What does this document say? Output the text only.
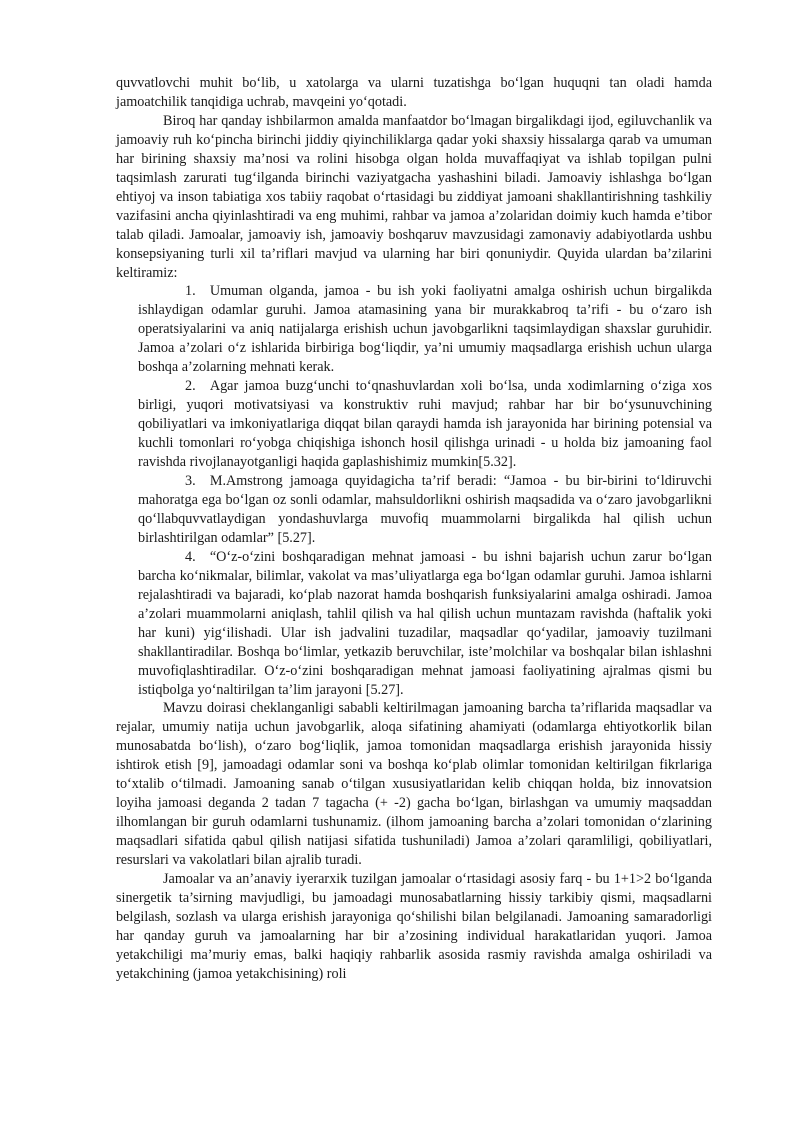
quvvatlovchi muhit bo‘lib, u xatolarga va ularni tuzatishga bo‘lgan huquqni tan oladi hamda jamoatchilik tanqidiga uchrab, mavqeini yo‘qotadi.

Biroq har qanday ishbilarmon amalda manfaatdor bo‘lmagan birgalikdagi ijod, egiluvchanlik va jamoaviy ruh ko‘pincha birinchi jiddiy qiyinchiliklarga qadar yoki shaxsiy hissalarga qarab va umuman har birining shaxsiy ma’nosi va rolini hisobga olgan holda muvaffaqiyat va ishlab topilgan pulni taqsimlash zarurati tug‘ilganda birinchi vaziyatgacha yashashini biladi. Jamoaviy ishlashga bo‘lgan ehtiyoj va inson tabiatiga xos tabiiy raqobat o‘rtasidagi bu ziddiyat jamoani shakllantirishning tashkiliy vazifasini ancha qiyinlashtiradi va eng muhimi, rahbar va jamoa a’zolaridan doimiy kuch hamda e’tibor talab qiladi. Jamoalar, jamoaviy ish, jamoaviy boshqaruv mavzusidagi zamonaviy adabiyotlarda ushbu konsepsiyaning turli xil ta’riflari mavjud va ularning har biri qonuniydir. Quyida ulardan ba’zilarini keltiramiz:

1. Umuman olganda, jamoa - bu ish yoki faoliyatni amalga oshirish uchun birgalikda ishlaydigan odamlar guruhi. Jamoa atamasining yana bir murakkabroq ta’rifi - bu o‘zaro ish operatsiyalarini va aniq natijalarga erishish uchun javobgarlikni taqsimlaydigan shaxslar guruhidir. Jamoa a’zolari o‘z ishlarida birbiriga bog‘liqdir, ya’ni umumiy maqsadlarga erishish uchun ularga boshqa a’zolarning mehnati kerak.

2. Agar jamoa buzg‘unchi to‘qnashuvlardan xoli bo‘lsa, unda xodimlarning o‘ziga xos birligi, yuqori motivatsiyasi va konstruktiv ruhi mavjud; rahbar har bir bo‘ysunuvchining qobiliyatlari va imkoniyatlariga diqqat bilan qaraydi hamda ish jarayonida har birining potensial va kuchli tomonlari ro‘yobga chiqishiga ishonch hosil qilishga urinadi - u holda biz jamoaning faol ravishda rivojlanayotganligi haqida gaplashishimiz mumkin[5.32].

3. M.Amstrong jamoaga quyidagicha ta’rif beradi: “Jamoa - bu bir-birini to‘ldiruvchi mahoratga ega bo‘lgan oz sonli odamlar, mahsuldorlikni oshirish maqsadida va o‘zaro javobgarlikni qo‘llabquvvatlaydigan yondashuvlarga muvofiq muammolarni birgalikda hal qilish uchun birlashtirilgan odamlar” [5.27].

4. “O‘z-o‘zini boshqaradigan mehnat jamoasi - bu ishni bajarish uchun zarur bo‘lgan barcha ko‘nikmalar, bilimlar, vakolat va mas’uliyatlarga ega bo‘lgan odamlar guruhi. Jamoa ishlarni rejalashtiradi va bajaradi, ko‘plab nazorat hamda boshqarish funksiyalarini amalga oshiradi. Jamoa a’zolari muammolarni aniqlash, tahlil qilish va hal qilish uchun muntazam ravishda (haftalik yoki har kuni) yig‘ilishadi. Ular ish jadvalini tuzadilar, maqsadlar qo‘yadilar, jamoaviy tuzilmani shakllantiradilar. Boshqa bo‘limlar, yetkazib beruvchilar, iste’molchilar va boshqalar bilan ishlashni muvofiqlashtiradilar. O‘z-o‘zini boshqaradigan mehnat jamoasi faoliyatining ajralmas qismi bu istiqbolga yo‘naltirilgan ta’lim jarayoni [5.27].

Mavzu doirasi cheklanganligi sababli keltirilmagan jamoaning barcha ta’riflarida maqsadlar va rejalar, umumiy natija uchun javobgarlik, aloqa sifatining ahamiyati (odamlarga ehtiyotkorlik bilan munosabatda bo‘lish), o‘zaro bog‘liqlik, jamoa tomonidan maqsadlarga erishish jarayonida hissiy ishtirok etish [9], jamoadagi odamlar soni va boshqa ko‘plab olimlar tomonidan keltirilgan fikrlariga to‘xtalib o‘tilmadi. Jamoaning sanab o‘tilgan xususiyatlaridan kelib chiqqan holda, biz innovatsion loyiha jamoasi deganda 2 tadan 7 tagacha (+ -2) gacha bo‘lgan, birlashgan va umumiy maqsaddan ilhomlangan bir guruh odamlarni tushunamiz. (ilhom jamoaning barcha a’zolari tomonidan o‘zlarining maqsadlari sifatida qabul qilish natijasi sifatida tushuniladi) Jamoa a’zolari qaramliligi, qobiliyatlari, resurslari va vakolatlari bilan ajralib turadi.

Jamoalar va an’anaviy iyerarxik tuzilgan jamoalar o‘rtasidagi asosiy farq - bu 1+1>2 bo‘lganda sinergetik ta’sirning mavjudligi, bu jamoadagi munosabatlarning hissiy tarkibiy qismi, maqsadlarni belgilash, sozlash va ularga erishish jarayoniga qo‘shilishi bilan belgilanadi. Jamoaning samaradorligi har qanday guruh va jamoalarning har bir a’zosining individual harakatlaridan yuqori. Jamoa yetakchiligi ma’muriy emas, balki haqiqiy rahbarlik asosida rasmiy ravishda amalga oshiriladi va yetakchining (jamoa yetakchisining) roli
